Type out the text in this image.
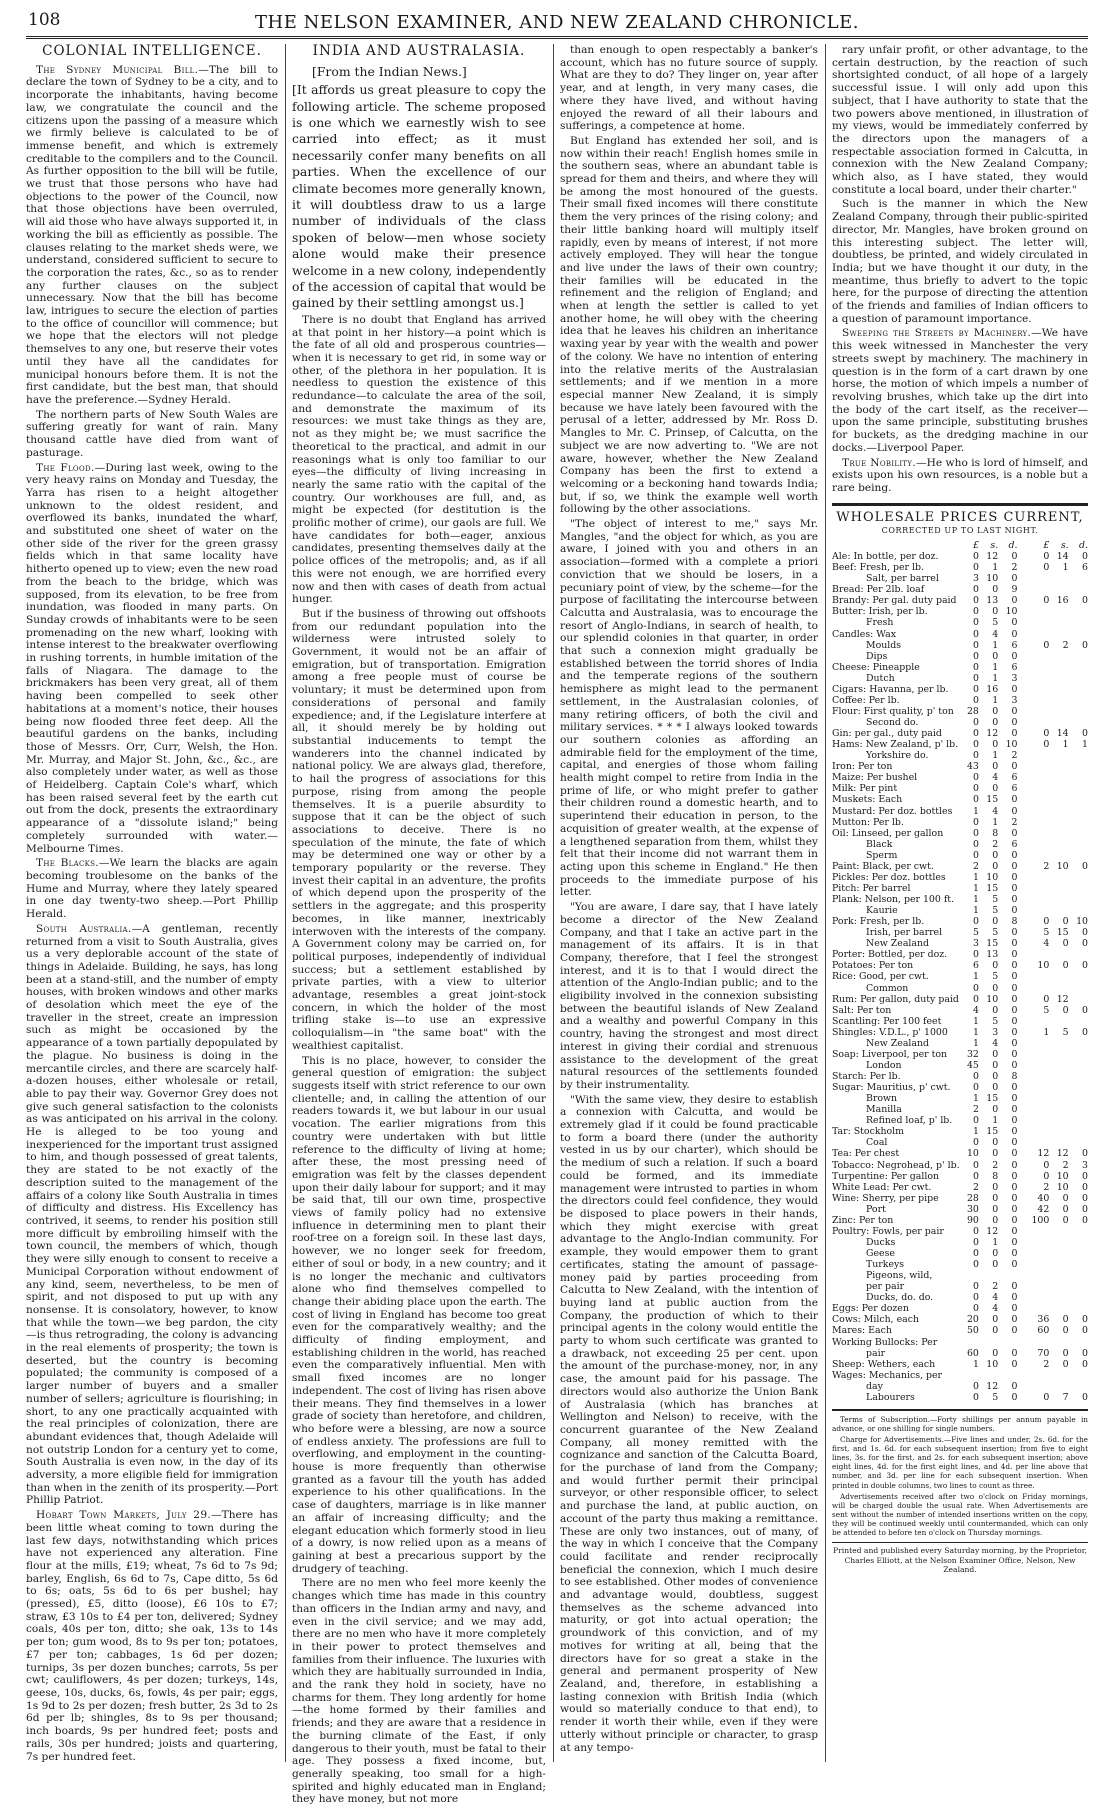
108	THE NELSON EXAMINER, AND NEW ZEALAND CHRONICLE.
COLONIAL INTELLIGENCE.

The Sydney Municipal Bill.—The bill to declare the town of Sydney to be a city, and to incorporate the inhabitants, having become law, we congratulate the council and the citizens upon the passing of a measure which we firmly believe is calculated to be of immense benefit, and which is extremely creditable to the compilers and to the Council. As further opposition to the bill will be futile, we trust that those persons who have had objections to the power of the Council, now that those objections have been overruled, will aid those who have always supported it, in working the bill as efficiently as possible. The clauses relating to the market sheds were, we understand, considered sufficient to secure to the corporation the rates, &c., so as to render any further clauses on the subject unnecessary. Now that the bill has become law, intrigues to secure the election of parties to the office of councillor will commence; but we hope that the electors will not pledge themselves to any one, but reserve their votes until they have all the candidates for municipal honours before them. It is not the first candidate, but the best man, that should have the preference.—Sydney Herald.

The northern parts of New South Wales are suffering greatly for want of rain. Many thousand cattle have died from want of pasturage.

The Flood.—During last week, owing to the very heavy rains on Monday and Tuesday, the Yarra has risen to a height altogether unknown to the oldest resident, and overflowed its banks, inundated the wharf, and substituted one sheet of water on the other side of the river for the green grassy fields which in that same locality have hitherto opened up to view; even the new road from the beach to the bridge, which was supposed, from its elevation, to be free from inundation, was flooded in many parts. On Sunday crowds of inhabitants were to be seen promenading on the new wharf, looking with intense interest to the breakwater overflowing in rushing torrents, in humble imitation of the falls of Niagara. The damage to the brickmakers has been very great, all of them having been compelled to seek other habitations at a moment's notice, their houses being now flooded three feet deep. All the beautiful gardens on the banks, including those of Messrs. Orr, Curr, Welsh, the Hon. Mr. Murray, and Major St. John, &c., &c., are also completely under water, as well as those of Heidelberg. Captain Cole's wharf, which has been raised several feet by the earth cut out from the dock, presents the extraordinary appearance of a "dissolute island;" being completely surrounded with water.—Melbourne Times.

The Blacks.—We learn the blacks are again becoming troublesome on the banks of the Hume and Murray, where they lately speared in one day twenty-two sheep.—Port Phillip Herald.

South Australia.—A gentleman, recently returned from a visit to South Australia, gives us a very deplorable account of the state of things in Adelaide. Building, he says, has long been at a stand-still, and the number of empty houses, with broken windows and other marks of desolation which meet the eye of the traveller in the street, create an impression such as might be occasioned by the appearance of a town partially depopulated by the plague. No business is doing in the mercantile circles, and there are scarcely half-a-dozen houses, either wholesale or retail, able to pay their way. Governor Grey does not give such general satisfaction to the colonists as was anticipated on his arrival in the colony. He is alleged to be too young and inexperienced for the important trust assigned to him, and though possessed of great talents, they are stated to be not exactly of the description suited to the management of the affairs of a colony like South Australia in times of difficulty and distress. His Excellency has contrived, it seems, to render his position still more difficult by embroiling himself with the town council, the members of which, though they were silly enough to consent to receive a Municipal Corporation without endowment of any kind, seem, nevertheless, to be men of spirit, and not disposed to put up with any nonsense. It is consolatory, however, to know that while the town—we beg pardon, the city—is thus retrograding, the colony is advancing in the real elements of prosperity; the town is deserted, but the country is becoming populated; the community is composed of a larger number of buyers and a smaller number of sellers; agriculture is flourishing; in short, to any one practically acquainted with the real principles of colonization, there are abundant evidences that, though Adelaide will not outstrip London for a century yet to come, South Australia is even now, in the day of its adversity, a more eligible field for immigration than when in the zenith of its prosperity.—Port Phillip Patriot.

Hobart Town Markets, July 29.—There has been little wheat coming to town during the last few days, notwithstanding which prices have not experienced any alteration. Fine flour at the mills, £19; wheat, 7s 6d to 7s 9d; barley, English, 6s 6d to 7s, Cape ditto, 5s 6d to 6s; oats, 5s 6d to 6s per bushel; hay (pressed), £5, ditto (loose), £6 10s to £7; straw, £3 10s to £4 per ton, delivered; Sydney coals, 40s per ton, ditto; she oak, 13s to 14s per ton; gum wood, 8s to 9s per ton; potatoes, £7 per ton; cabbages, 1s 6d per dozen; turnips, 3s per dozen bunches; carrots, 5s per cwt; cauliflowers, 4s per dozen; turkeys, 14s, geese, 10s, ducks, 6s, fowls, 4s per pair; eggs, 1s 9d to 2s per dozen; fresh butter, 2s 3d to 2s 6d per lb; shingles, 8s to 9s per thousand; inch boards, 9s per hundred feet; posts and rails, 30s per hundred; joists and quartering, 7s per hundred feet.

INDIA AND AUSTRALASIA.

[From the Indian News.]

[It affords us great pleasure to copy the following article. The scheme proposed is one which we earnestly wish to see carried into effect; as it must necessarily confer many benefits on all parties. When the excellence of our climate becomes more generally known, it will doubtless draw to us a large number of individuals of the class spoken of below—men whose society alone would make their presence welcome in a new colony, independently of the accession of capital that would be gained by their settling amongst us.]

There is no doubt that England has arrived at that point in her history—a point which is the fate of all old and prosperous countries—when it is necessary to get rid, in some way or other, of the plethora in her population. It is needless to question the existence of this redundance—to calculate the area of the soil, and demonstrate the maximum of its resources: we must take things as they are, not as they might be; we must sacrifice the theoretical to the practical, and admit in our reasonings what is only too familiar to our eyes—the difficulty of living increasing in nearly the same ratio with the capital of the country. Our workhouses are full, and, as might be expected (for destitution is the prolific mother of crime), our gaols are full. We have candidates for both—eager, anxious candidates, presenting themselves daily at the police offices of the metropolis; and, as if all this were not enough, we are horrified every now and then with cases of death from actual hunger.

But if the business of throwing out offshoots from our redundant population into the wilderness were intrusted solely to Government, it would not be an affair of emigration, but of transportation. Emigration among a free people must of course be voluntary; it must be determined upon from considerations of personal and family expedience; and, if the Legislature interfere at all, it should merely be by holding out substantial inducements to tempt the wanderers into the channel indicated by national policy. We are always glad, therefore, to hail the progress of associations for this purpose, rising from among the people themselves. It is a puerile absurdity to suppose that it can be the object of such associations to deceive. There is no speculation of the minute, the fate of which may be determined one way or other by a temporary popularity or the reverse. They invest their capital in an adventure, the profits of which depend upon the prosperity of the settlers in the aggregate; and this prosperity becomes, in like manner, inextricably interwoven with the interests of the company. A Government colony may be carried on, for political purposes, independently of individual success; but a settlement established by private parties, with a view to ulterior advantage, resembles a great joint-stock concern, in which the holder of the most trifling stake is—to use an expressive colloquialism—in "the same boat" with the wealthiest capitalist.

This is no place, however, to consider the general question of emigration: the subject suggests itself with strict reference to our own clientelle; and, in calling the attention of our readers towards it, we but labour in our usual vocation. The earlier migrations from this country were undertaken with but little reference to the difficulty of living at home; after these, the most pressing need of emigration was felt by the classes dependent upon their daily labour for support; and it may be said that, till our own time, prospective views of family policy had no extensive influence in determining men to plant their roof-tree on a foreign soil. In these last days, however, we no longer seek for freedom, either of soul or body, in a new country; and it is no longer the mechanic and cultivators alone who find themselves compelled to change their abiding place upon the earth. The cost of living in England has become too great even for the comparatively wealthy; and the difficulty of finding employment, and establishing children in the world, has reached even the comparatively influential. Men with small fixed incomes are no longer independent. The cost of living has risen above their means. They find themselves in a lower grade of society than heretofore, and children, who before were a blessing, are now a source of endless anxiety. The professions are full to overflowing, and employment in the counting-house is more frequently than otherwise granted as a favour till the youth has added experience to his other qualifications. In the case of daughters, marriage is in like manner an affair of increasing difficulty; and the elegant education which formerly stood in lieu of a dowry, is now relied upon as a means of gaining at best a precarious support by the drudgery of teaching.

There are no men who feel more keenly the changes which time has made in this country than officers in the Indian army and navy, and even in the civil service; and we may add, there are no men who have it more completely in their power to protect themselves and families from their influence. The luxuries with which they are habitually surrounded in India, and the rank they hold in society, have no charms for them. They long ardently for home—the home formed by their families and friends; and they are aware that a residence in the burning climate of the East, if only dangerous to their youth, must be fatal to their age. They possess a fixed income, but, generally speaking, too small for a high-spirited and highly educated man in England; they have money, but not more

than enough to open respectably a banker's account, which has no future source of supply. What are they to do? They linger on, year after year, and at length, in very many cases, die where they have lived, and without having enjoyed the reward of all their labours and sufferings, a competence at home.

But England has extended her soil, and is now within their reach! English homes smile in the southern seas, where an abundant table is spread for them and theirs, and where they will be among the most honoured of the guests. Their small fixed incomes will there constitute them the very princes of the rising colony; and their little banking hoard will multiply itself rapidly, even by means of interest, if not more actively employed. They will hear the tongue and live under the laws of their own country; their families will be educated in the refinement and the religion of England; and when at length the settler is called to yet another home, he will obey with the cheering idea that he leaves his children an inheritance waxing year by year with the wealth and power of the colony. We have no intention of entering into the relative merits of the Australasian settlements; and if we mention in a more especial manner New Zealand, it is simply because we have lately been favoured with the perusal of a letter, addressed by Mr. Ross D. Mangles to Mr. C. Prinsep, of Calcutta, on the subject we are now adverting to. "We are not aware, however, whether the New Zealand Company has been the first to extend a welcoming or a beckoning hand towards India; but, if so, we think the example well worth following by the other associations.

"The object of interest to me," says Mr. Mangles, "and the object for which, as you are aware, I joined with you and others in an association—formed with a complete a priori conviction that we should be losers, in a pecuniary point of view, by the scheme—for the purpose of facilitating the intercourse between Calcutta and Australasia, was to encourage the resort of Anglo-Indians, in search of health, to our splendid colonies in that quarter, in order that such a connexion might gradually be established between the torrid shores of India and the temperate regions of the southern hemisphere as might lead to the permanent settlement, in the Australasian colonies, of many retiring officers, of both the civil and military services. * * * I always looked towards our southern colonies as affording an admirable field for the employment of the time, capital, and energies of those whom failing health might compel to retire from India in the prime of life, or who might prefer to gather their children round a domestic hearth, and to superintend their education in person, to the acquisition of greater wealth, at the expense of a lengthened separation from them, whilst they felt that their income did not warrant them in acting upon this scheme in England." He then proceeds to the immediate purpose of his letter.

"You are aware, I dare say, that I have lately become a director of the New Zealand Company, and that I take an active part in the management of its affairs. It is in that Company, therefore, that I feel the strongest interest, and it is to that I would direct the attention of the Anglo-Indian public; and to the eligibility involved in the connexion subsisting between the beautiful islands of New Zealand and a wealthy and powerful Company in this country, having the strongest and most direct interest in giving their cordial and strenuous assistance to the development of the great natural resources of the settlements founded by their instrumentality.

"With the same view, they desire to establish a connexion with Calcutta, and would be extremely glad if it could be found practicable to form a board there (under the authority vested in us by our charter), which should be the medium of such a relation. If such a board could be formed, and its immediate management were intrusted to parties in whom the directors could feel confidence, they would be disposed to place powers in their hands, which they might exercise with great advantage to the Anglo-Indian community. For example, they would empower them to grant certificates, stating the amount of passage-money paid by parties proceeding from Calcutta to New Zealand, with the intention of buying land at public auction from the Company, the production of which to their principal agents in the colony would entitle the party to whom such certificate was granted to a drawback, not exceeding 25 per cent. upon the amount of the purchase-money, nor, in any case, the amount paid for his passage. The directors would also authorize the Union Bank of Australasia (which has branches at Wellington and Nelson) to receive, with the concurrent guarantee of the New Zealand Company, all money remitted with the cognizance and sanction of the Calcutta Board, for the purchase of land from the Company; and would further permit their principal surveyor, or other responsible officer, to select and purchase the land, at public auction, on account of the party thus making a remittance. These are only two instances, out of many, of the way in which I conceive that the Company could facilitate and render reciprocally beneficial the connexion, which I much desire to see established. Other modes of convenience and advantage would, doubtless, suggest themselves as the scheme advanced into maturity, or got into actual operation; the groundwork of this conviction, and of my motives for writing at all, being that the directors have for so great a stake in the general and permanent prosperity of New Zealand, and, therefore, in establishing a lasting connexion with British India (which would so materially conduce to that end), to render it worth their while, even if they were utterly without principle or character, to grasp at any tempo-

rary unfair profit, or other advantage, to the certain destruction, by the reaction of such shortsighted conduct, of all hope of a largely successful issue. I will only add upon this subject, that I have authority to state that the two powers above mentioned, in illustration of my views, would be immediately conferred by the directors upon the managers of a respectable association formed in Calcutta, in connexion with the New Zealand Company; which also, as I have stated, they would constitute a local board, under their charter."

Such is the manner in which the New Zealand Company, through their public-spirited director, Mr. Mangles, have broken ground on this interesting subject. The letter will, doubtless, be printed, and widely circulated in India; but we have thought it our duty, in the meantime, thus briefly to advert to the topic here, for the purpose of directing the attention of the friends and families of Indian officers to a question of paramount importance.

Sweeping the Streets by Machinery.—We have this week witnessed in Manchester the very streets swept by machinery. The machinery in question is in the form of a cart drawn by one horse, the motion of which impels a number of revolving brushes, which take up the dirt into the body of the cart itself, as the receiver—upon the same principle, substituting brushes for buckets, as the dredging machine in our docks.—Liverpool Paper.

True Nobility.—He who is lord of himself, and exists upon his own resources, is a noble but a rare being.

WHOLESALE PRICES CURRENT,
CORRECTED UP TO LAST NIGHT.
	£	s.	d.		£	s.	d.
Ale: In bottle, per doz.	0	12	0		0	14	0
Beef: Fresh, per lb.	0	1	2		0	1	6
Salt, per barrel	3	10	0				
Bread: Per 2lb. loaf	0	0	9				
Brandy: Per gal. duty paid	0	13	0		0	16	0
Butter: Irish, per lb.	0	0	10				
Fresh	0	5	0				
Candles: Wax	0	4	0				
Moulds	0	1	6		0	2	0
Dips	0	0	0				
Cheese: Pineapple	0	1	6				
Dutch	0	1	3				
Cigars: Havanna, per lb.	0	16	0				
Coffee: Per lb.	0	1	3				
Flour: First quality, p' ton	28	0	0				
Second do.	0	0	0				
Gin: per gal., duty paid	0	12	0		0	14	0
Hams: New Zealand, p' lb.	0	0	10		0	1	1
Yorkshire do.	0	1	2				
Iron: Per ton	43	0	0				
Maize: Per bushel	0	4	6				
Milk: Per pint	0	0	6				
Muskets: Each	0	15	0				
Mustard: Per doz. bottles	1	4	0				
Mutton: Per lb.	0	1	2				
Oil: Linseed, per gallon	0	8	0				
Black	0	2	6				
Sperm	0	0	0				
Paint: Black, per cwt.	2	0	0		2	10	0
Pickles: Per doz. bottles	1	10	0				
Pitch: Per barrel	1	15	0				
Plank: Nelson, per 100 ft.	1	5	0				
Kaurie	1	5	0				
Pork: Fresh, per lb.	0	0	8		0	0	10
Irish, per barrel	5	5	0		5	15	0
New Zealand	3	15	0		4	0	0
Porter: Bottled, per doz.	0	13	0				
Potatoes: Per ton	6	0	0		10	0	0
Rice: Good, per cwt.	1	5	0				
Common	0	0	0				
Rum: Per gallon, duty paid	0	10	0		0	12	
Salt: Per ton	4	0	0		5	0	0
Scantling: Per 100 feet	1	5	0				
Shingles: V.D.L., p' 1000	1	3	0		1	5	0
New Zealand	1	4	0				
Soap: Liverpool, per ton	32	0	0				
London	45	0	0				
Starch: Per lb.	0	0	8				
Sugar: Mauritius, p' cwt.	0	0	0				
Brown	1	15	0				
Manilla	2	0	0				
Refined loaf, p' lb.	0	1	0				
Tar: Stockholm	1	15	0				
Coal	0	0	0				
Tea: Per chest	10	0	0		12	12	0
Tobacco: Negrohead, p' lb.	0	2	0		0	2	3
Turpentine: Per gallon	0	8	0		0	10	0
White Lead: Per cwt.	2	0	0		2	10	0
Wine: Sherry, per pipe	28	0	0		40	0	0
Port	30	0	0		42	0	0
Zinc: Per ton	90	0	0		100	0	0

Poultry: Fowls, per pair	0	12	0				
Ducks	0	1	0				
Geese	0	0	0				
Turkeys	0	0	0				
Pigeons, wild,							
per pair	0	2	0				
Ducks, do. do.	0	4	0				
Eggs: Per dozen	0	4	0				

Cows: Milch, each	20	0	0		36	0	0
Mares: Each	50	0	0		60	0	0
Working Bullocks: Per							
pair	60	0	0		70	0	0
Sheep: Wethers, each	1	10	0		2	0	0

Wages: Mechanics, per							
day	0	12	0				
Labourers	0	5	0		0	7	0

Terms of Subscription.—Forty shillings per annum payable in advance, or one shilling for single numbers.

Charge for Advertisements.—Five lines and under, 2s. 6d. for the first, and 1s. 6d. for each subsequent insertion; from five to eight lines, 3s. for the first, and 2s. for each subsequent insertion; above eight lines, 4d. for the first eight lines, and 4d. per line above that number, and 3d. per line for each subsequent insertion. When printed in double columns, two lines to count as three.

Advertisements received after two o'clock on Friday mornings, will be charged double the usual rate. When Advertisements are sent without the number of intended insertions written on the copy, they will be continued weekly until countermanded, which can only be attended to before ten o'clock on Thursday mornings.

Printed and published every Saturday morning, by the Proprietor, Charles Elliott, at the Nelson Examiner Office, Nelson, New Zealand.
